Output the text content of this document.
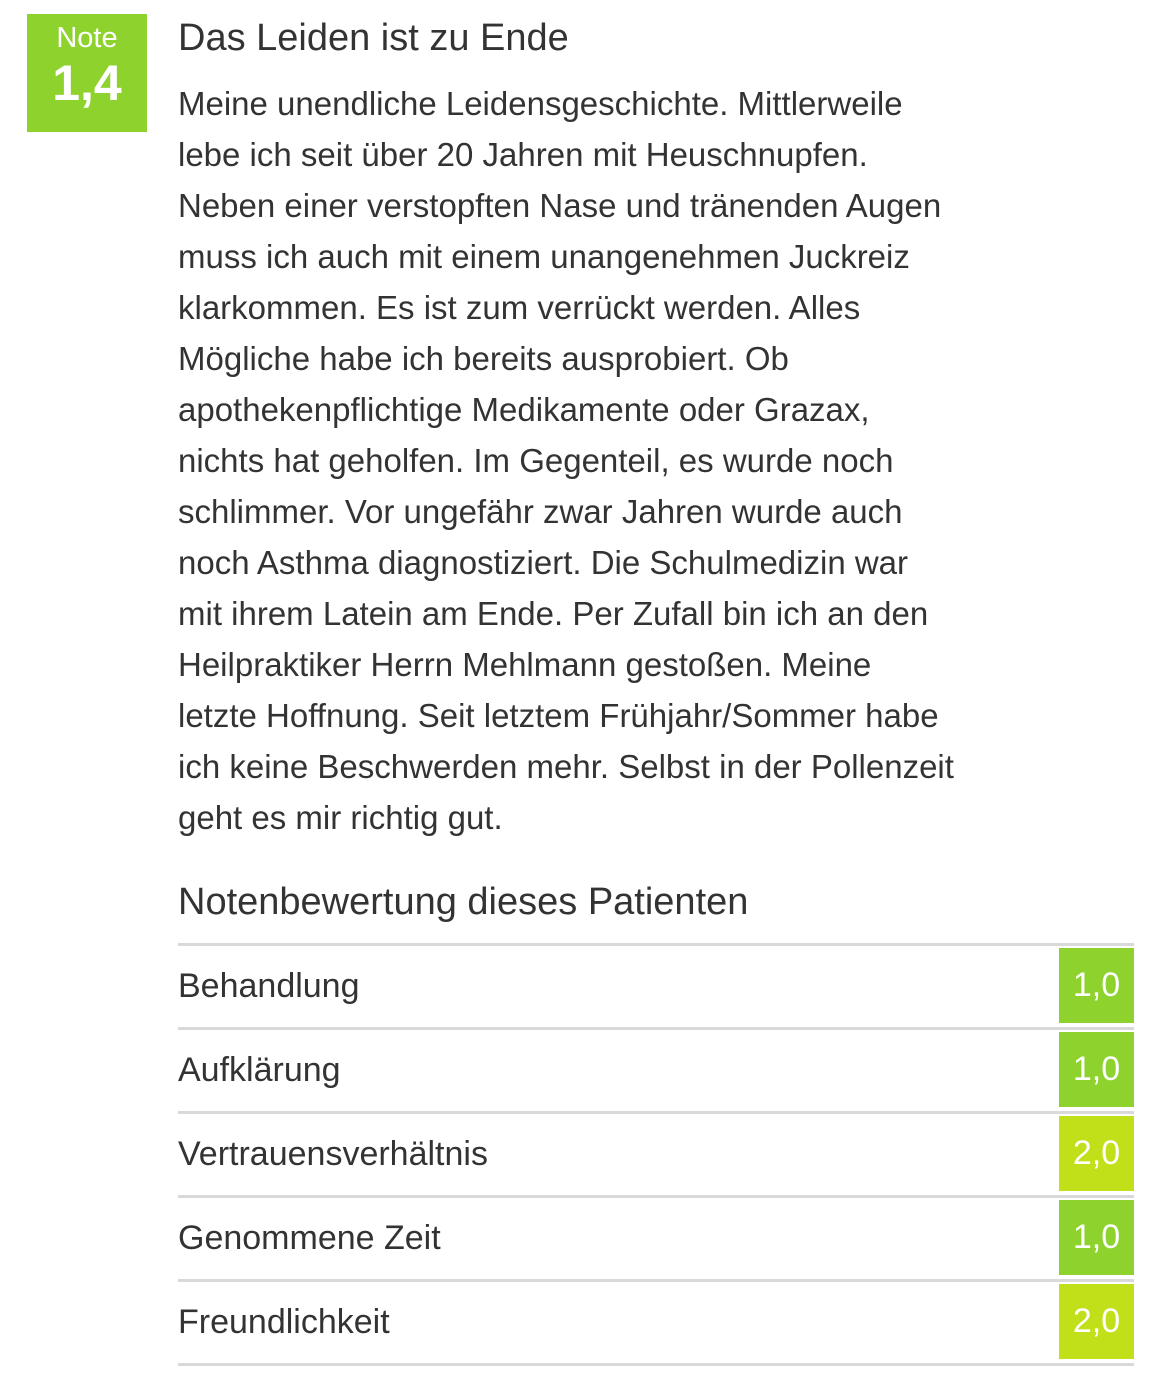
Note
1,4
Das Leiden ist zu Ende

Meine unendliche Leidensgeschichte. Mittlerweile
lebe ich seit über 20 Jahren mit Heuschnupfen.
Neben einer verstopften Nase und tränenden Augen
muss ich auch mit einem unangenehmen Juckreiz
klarkommen. Es ist zum verrückt werden. Alles
Mögliche habe ich bereits ausprobiert. Ob
apothekenpflichtige Medikamente oder Grazax,
nichts hat geholfen. Im Gegenteil, es wurde noch
schlimmer. Vor ungefähr zwar Jahren wurde auch
noch Asthma diagnostiziert. Die Schulmedizin war
mit ihrem Latein am Ende. Per Zufall bin ich an den
Heilpraktiker Herrn Mehlmann gestoßen. Meine
letzte Hoffnung. Seit letztem Frühjahr/Sommer habe
ich keine Beschwerden mehr. Selbst in der Pollenzeit
geht es mir richtig gut.

Notenbewertung dieses Patienten
Behandlung	1,0
Aufklärung	1,0
Vertrauensverhältnis	2,0
Genommene Zeit	1,0
Freundlichkeit	2,0
